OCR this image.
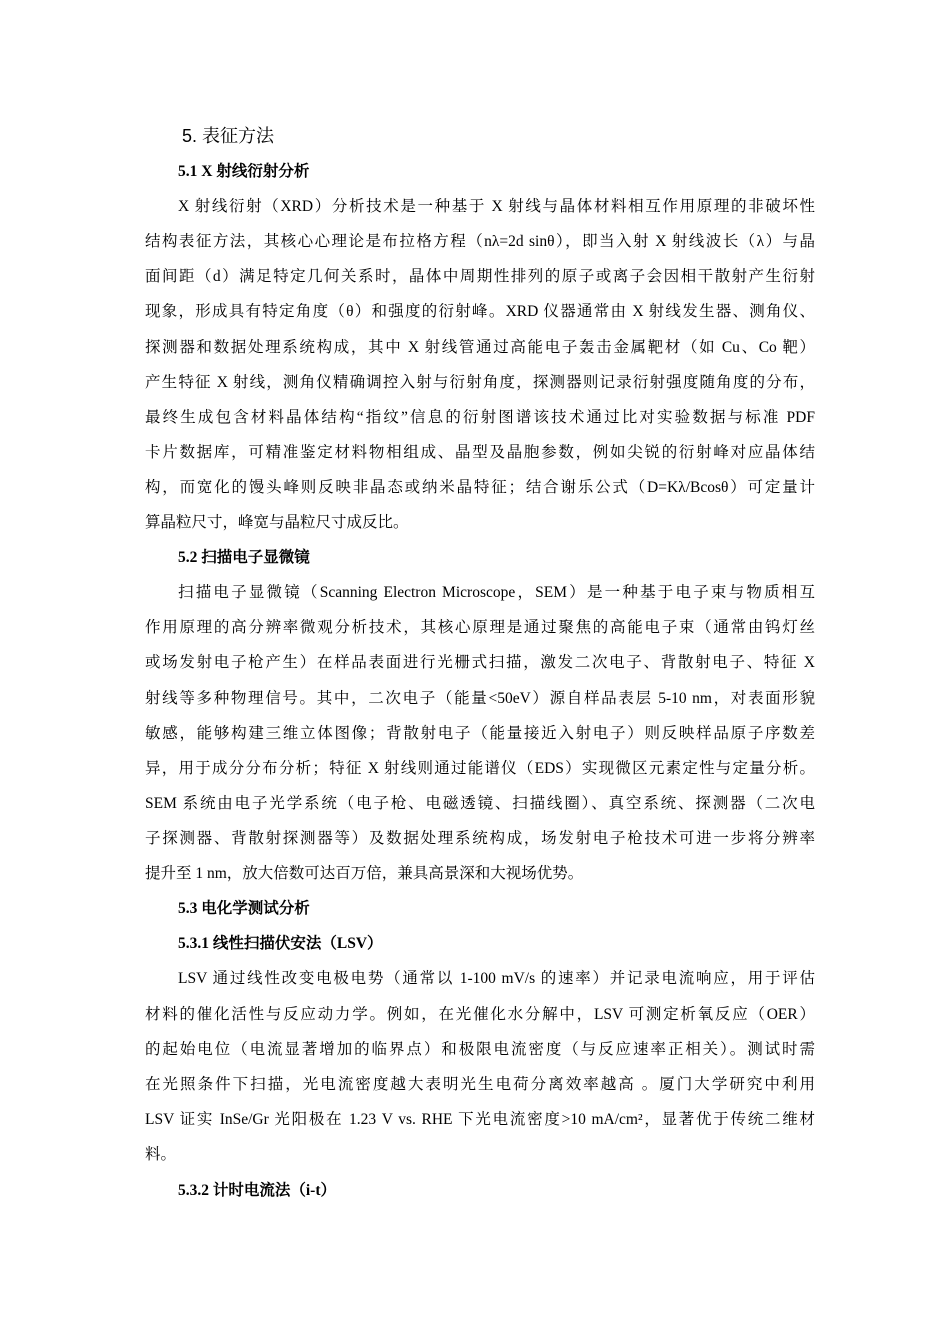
5. 表征方法
5.1 X 射线衍射分析
X 射线衍射（XRD）分析技术是一种基于 X 射线与晶体材料相互作用原理的非破坏性
结构表征方法，其核心心理论是布拉格方程（nλ=2d sinθ），即当入射 X 射线波长（λ）与晶
面间距（d）满足特定几何关系时，晶体中周期性排列的原子或离子会因相干散射产生衍射
现象，形成具有特定角度（θ）和强度的衍射峰。XRD 仪器通常由 X 射线发生器、测角仪、
探测器和数据处理系统构成，其中 X 射线管通过高能电子轰击金属靶材（如 Cu、Co 靶）
产生特征 X 射线，测角仪精确调控入射与衍射角度，探测器则记录衍射强度随角度的分布，
最终生成包含材料晶体结构“指纹”信息的衍射图谱该技术通过比对实验数据与标准 PDF
卡片数据库，可精准鉴定材料物相组成、晶型及晶胞参数，例如尖锐的衍射峰对应晶体结
构，而宽化的馒头峰则反映非晶态或纳米晶特征；结合谢乐公式（D=Kλ/Bcosθ）可定量计
算晶粒尺寸，峰宽与晶粒尺寸成反比。
5.2 扫描电子显微镜
扫描电子显微镜（Scanning Electron Microscope，SEM）是一种基于电子束与物质相互
作用原理的高分辨率微观分析技术，其核心原理是通过聚焦的高能电子束（通常由钨灯丝
或场发射电子枪产生）在样品表面进行光栅式扫描，激发二次电子、背散射电子、特征 X
射线等多种物理信号。其中，二次电子（能量<50eV）源自样品表层 5-10 nm，对表面形貌
敏感，能够构建三维立体图像；背散射电子（能量接近入射电子）则反映样品原子序数差
异，用于成分分布分析；特征 X 射线则通过能谱仪（EDS）实现微区元素定性与定量分析。
SEM 系统由电子光学系统（电子枪、电磁透镜、扫描线圈）、真空系统、探测器（二次电
子探测器、背散射探测器等）及数据处理系统构成，场发射电子枪技术可进一步将分辨率
提升至 1 nm，放大倍数可达百万倍，兼具高景深和大视场优势。
5.3 电化学测试分析
5.3.1 线性扫描伏安法（LSV）
LSV 通过线性改变电极电势（通常以 1-100 mV/s 的速率）并记录电流响应，用于评估
材料的催化活性与反应动力学。例如，在光催化水分解中，LSV 可测定析氧反应（OER）
的起始电位（电流显著增加的临界点）和极限电流密度（与反应速率正相关）。测试时需
在光照条件下扫描，光电流密度越大表明光生电荷分离效率越高 。厦门大学研究中利用
LSV 证实 InSe/Gr 光阳极在 1.23 V vs. RHE 下光电流密度>10 mA/cm²，显著优于传统二维材
料。
5.3.2 计时电流法（i-t）
